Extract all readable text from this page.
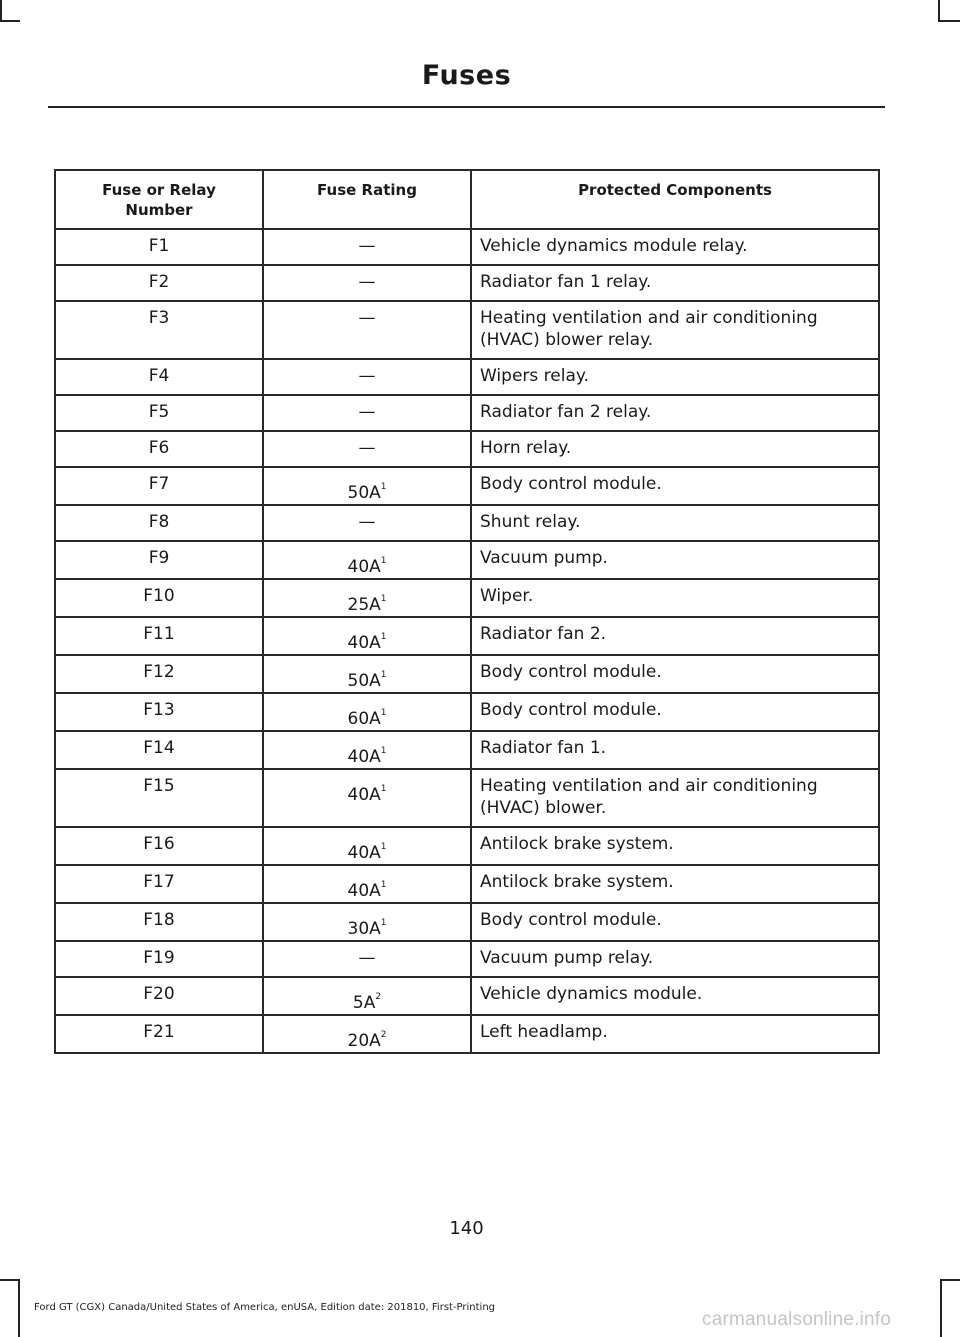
Fuses
Fuse or Relay
Number	Fuse Rating	Protected Components
F1	—	Vehicle dynamics module relay.
F2	—	Radiator fan 1 relay.
F3	—	Heating ventilation and air conditioning (HVAC) blower relay.
F4	—	Wipers relay.
F5	—	Radiator fan 2 relay.
F6	—	Horn relay.
F7	$50A^1$	Body control module.
F8	—	Shunt relay.
F9	$40A^1$	Vacuum pump.
F10	$25A^1$	Wiper.
F11	$40A^1$	Radiator fan 2.
F12	$50A^1$	Body control module.
F13	$60A^1$	Body control module.
F14	$40A^1$	Radiator fan 1.
F15	$40A^1$	Heating ventilation and air conditioning (HVAC) blower.
F16	$40A^1$	Antilock brake system.
F17	$40A^1$	Antilock brake system.
F18	$30A^1$	Body control module.
F19	—	Vacuum pump relay.
F20	$5A^2$	Vehicle dynamics module.
F21	$20A^2$	Left headlamp.
140
Ford GT (CGX) Canada/United States of America, enUSA, Edition date: 201810, First-Printing
carmanualsonline.info
